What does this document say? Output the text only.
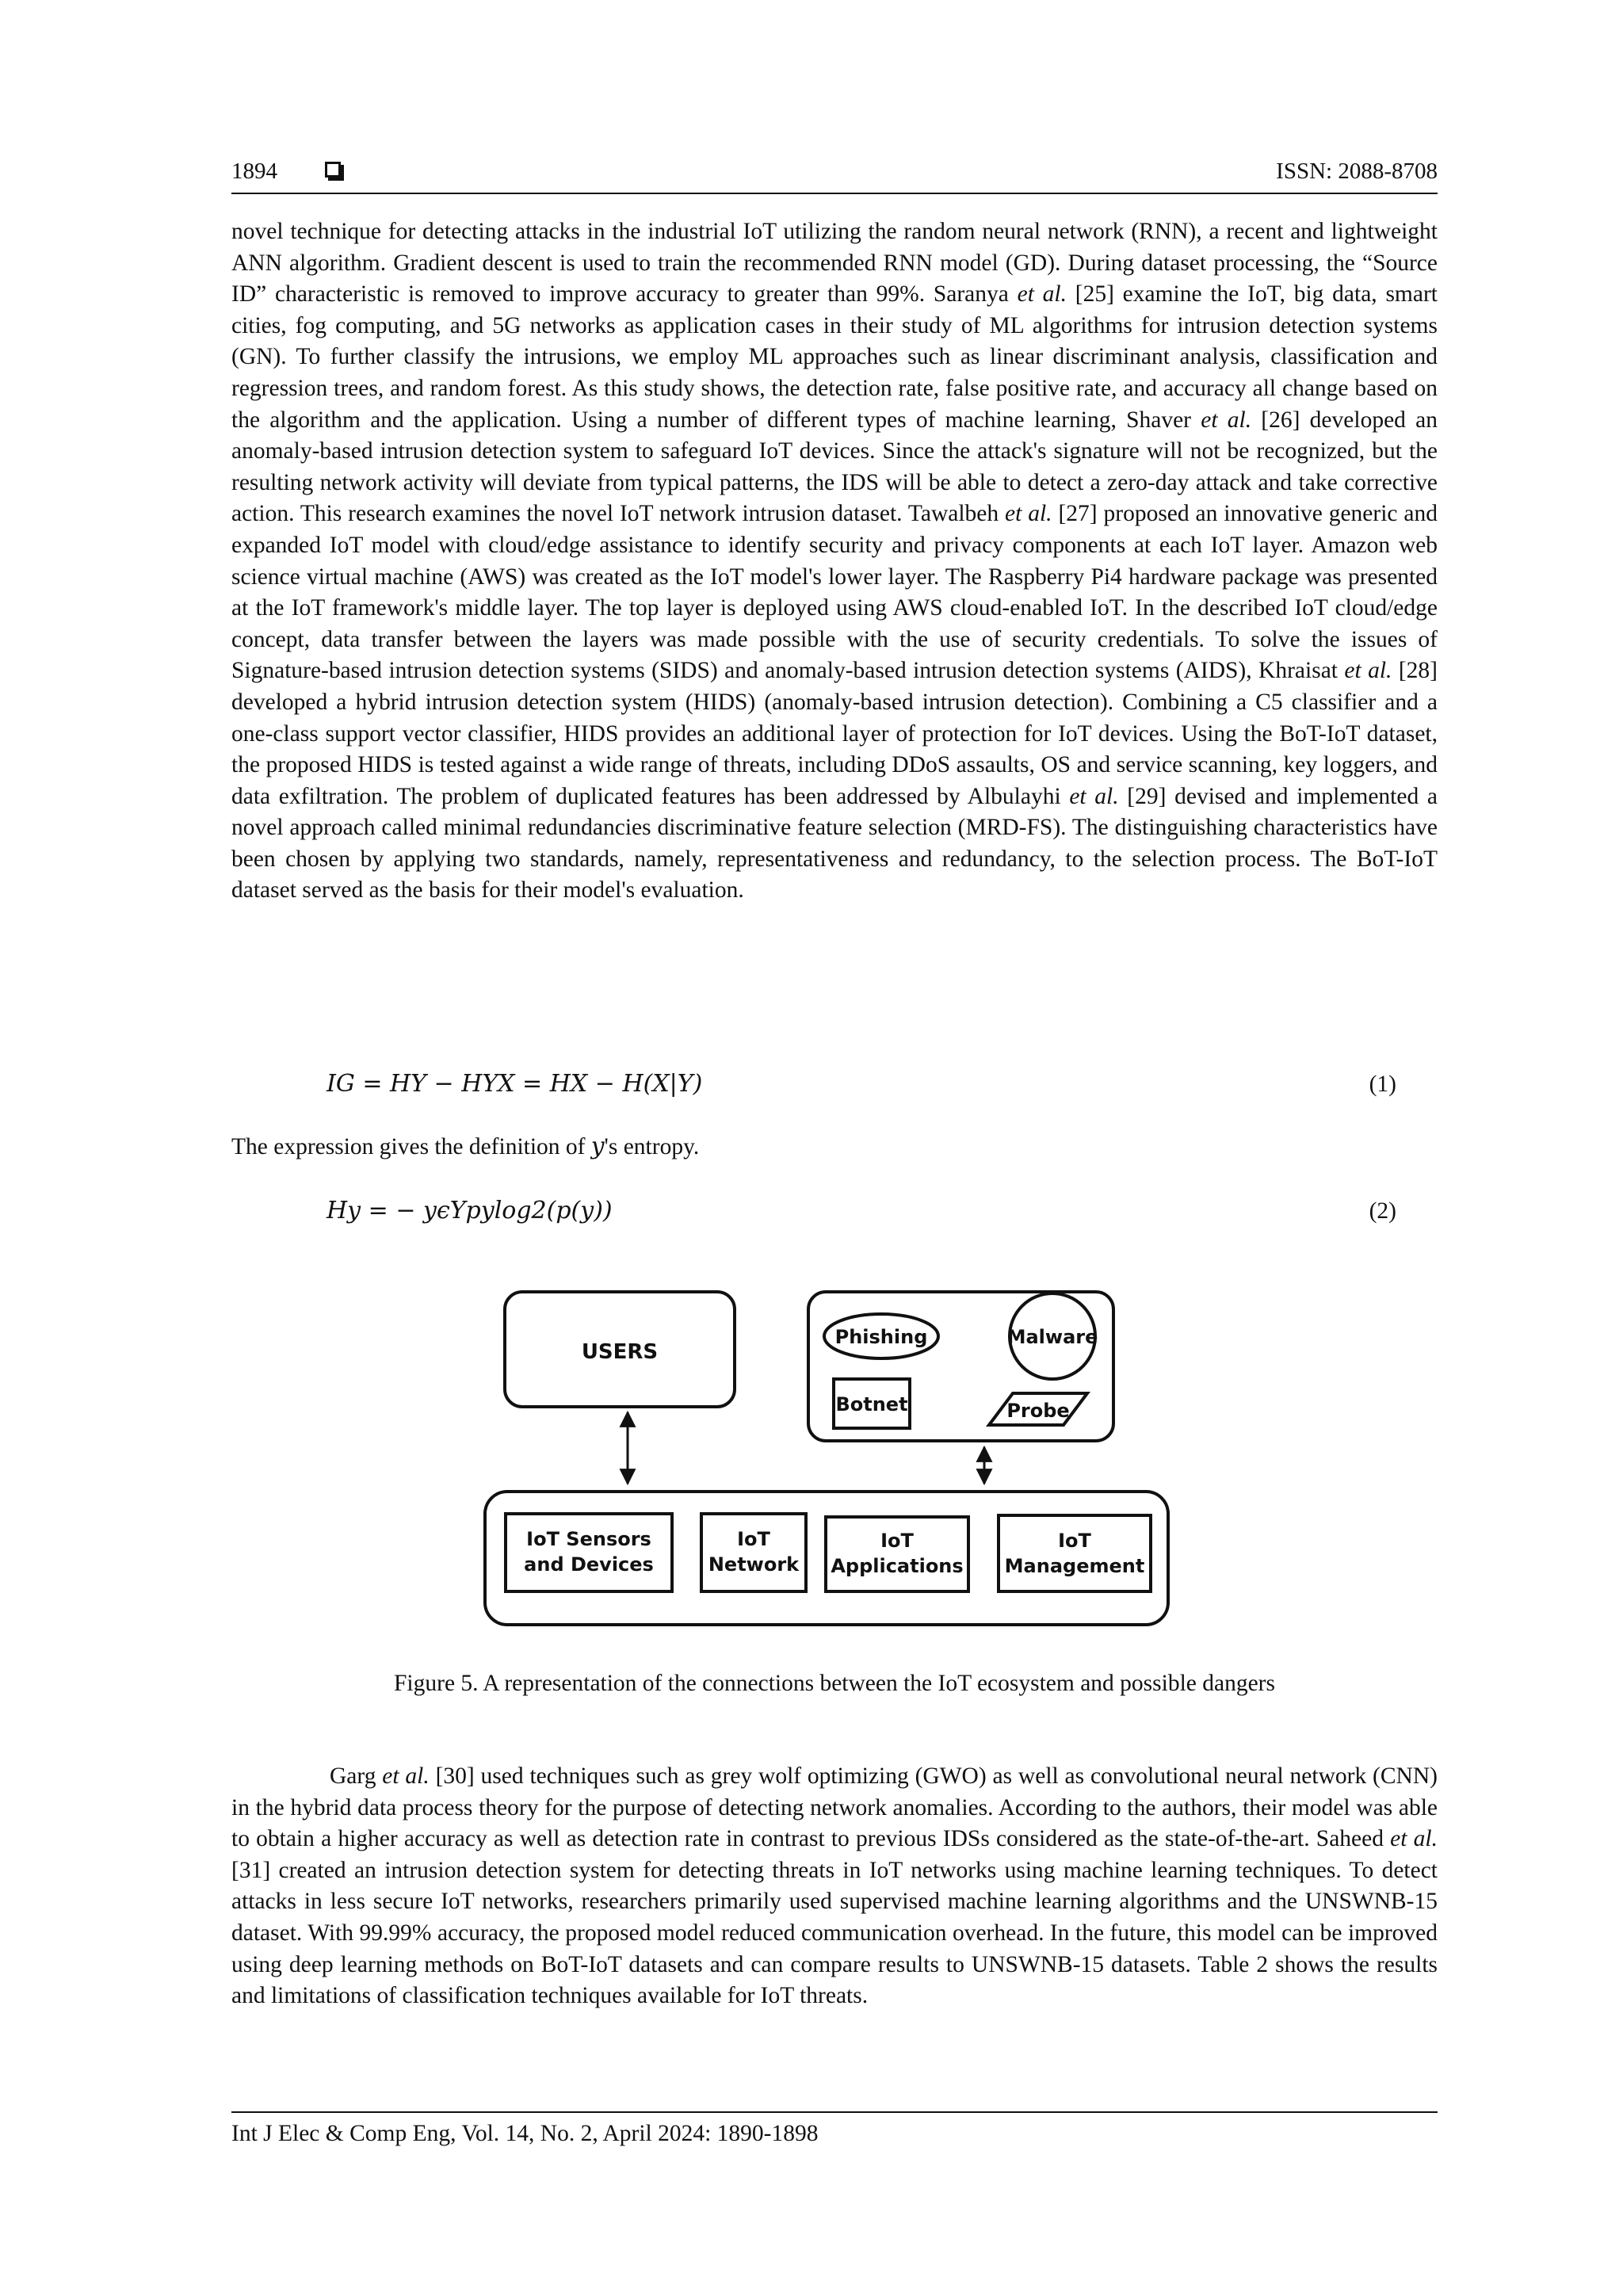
1894	ISSN: 2088-8708

novel technique for detecting attacks in the industrial IoT utilizing the random neural network (RNN), a recent and lightweight ANN algorithm. Gradient descent is used to train the recommended RNN model (GD). During dataset processing, the “Source ID” characteristic is removed to improve accuracy to greater than 99%. Saranya et al. [25] examine the IoT, big data, smart cities, fog computing, and 5G networks as application cases in their study of ML algorithms for intrusion detection systems (GN). To further classify the intrusions, we employ ML approaches such as linear discriminant analysis, classification and regression trees, and random forest. As this study shows, the detection rate, false positive rate, and accuracy all change based on the algorithm and the application. Using a number of different types of machine learning, Shaver et al. [26] developed an anomaly-based intrusion detection system to safeguard IoT devices. Since the attack's signature will not be recognized, but the resulting network activity will deviate from typical patterns, the IDS will be able to detect a zero-day attack and take corrective action. This research examines the novel IoT network intrusion dataset. Tawalbeh et al. [27] proposed an innovative generic and expanded IoT model with cloud/edge assistance to identify security and privacy components at each IoT layer. Amazon web science virtual machine (AWS) was created as the IoT model's lower layer. The Raspberry Pi4 hardware package was presented at the IoT framework's middle layer. The top layer is deployed using AWS cloud-enabled IoT. In the described IoT cloud/edge concept, data transfer between the layers was made possible with the use of security credentials. To solve the issues of Signature-based intrusion detection systems (SIDS) and anomaly-based intrusion detection systems (AIDS), Khraisat et al. [28] developed a hybrid intrusion detection system (HIDS) (anomaly-based intrusion detection). Combining a C5 classifier and a one-class support vector classifier, HIDS provides an additional layer of protection for IoT devices. Using the BoT-IoT dataset, the proposed HIDS is tested against a wide range of threats, including DDoS assaults, OS and service scanning, key loggers, and data exfiltration. The problem of duplicated features has been addressed by Albulayhi et al. [29] devised and implemented a novel approach called minimal redundancies discriminative feature selection (MRD-FS). The distinguishing characteristics have been chosen by applying two standards, namely, representativeness and redundancy, to the selection process. The BoT-IoT dataset served as the basis for their model's evaluation.

IG = HY − HYX = HX − H(X|Y)	(1)
The expression gives the definition of y's entropy.
Hy = − yϵYpylog2(p(y))	(2)
USERS
Phishing	Malware
Botnet	Probe
IoT Sensors
and Devices
IoT
Network
IoT
Applications
IoT
Management
Figure 5. A representation of the connections between the IoT ecosystem and possible dangers

Garg et al. [30] used techniques such as grey wolf optimizing (GWO) as well as convolutional neural network (CNN) in the hybrid data process theory for the purpose of detecting network anomalies. According to the authors, their model was able to obtain a higher accuracy as well as detection rate in contrast to previous IDSs considered as the state-of-the-art. Saheed et al. [31] created an intrusion detection system for detecting threats in IoT networks using machine learning techniques. To detect attacks in less secure IoT networks, researchers primarily used supervised machine learning algorithms and the UNSWNB-15 dataset. With 99.99% accuracy, the proposed model reduced communication overhead. In the future, this model can be improved using deep learning methods on BoT-IoT datasets and can compare results to UNSWNB-15 datasets. Table 2 shows the results and limitations of classification techniques available for IoT threats.

Int J Elec & Comp Eng, Vol. 14, No. 2, April 2024: 1890-1898
